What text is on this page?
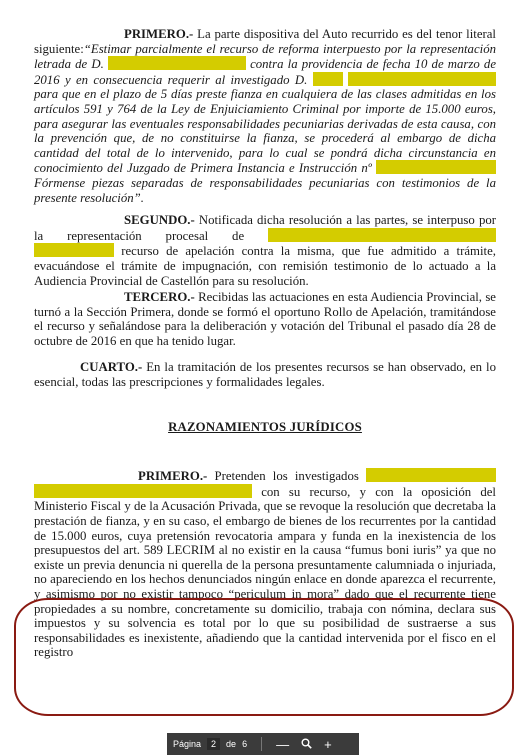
PRIMERO.- La parte dispositiva del Auto recurrido es del tenor literal siguiente:“Estimar parcialmente el recurso de reforma interpuesto por la representación letrada de D.	contra la providencia de fecha 10 de marzo de 2016 y en consecuencia requerir al investigado D.   para que en el plazo de 5 días preste fianza en cualquiera de las clases admitidas en los artículos 591 y 764 de la Ley de Enjuiciamiento Criminal por importe de 15.000 euros, para asegurar las eventuales responsabilidades pecuniarias derivadas de esta causa, con la prevención que, de no constituirse la fianza, se procederá al embargo de dicha cantidad del total de lo intervenido, para lo cual se pondrá dicha circunstancia en conocimiento del Juzgado de Primera Instancia e Instrucción nº  Fórmense piezas separadas de responsabilidades pecuniarias con testimonios de la presente resolución”.

SEGUNDO.- Notificada dicha resolución a las partes, se interpuso por la representación procesal de   recurso de apelación contra la misma, que fue admitido a trámite, evacuándose el trámite de impugnación, con remisión testimonio de lo actuado a la Audiencia Provincial de Castellón para su resolución.

TERCERO.- Recibidas las actuaciones en esta Audiencia Provincial, se turnó a la Sección Primera, donde se formó el oportuno Rollo de Apelación, tramitándose el recurso y señalándose para la deliberación y votación del Tribunal el pasado día 28 de octubre de 2016 en que ha tenido lugar.

CUARTO.- En la tramitación de los presentes recursos se han observado, en lo esencial, todas las prescripciones y formalidades legales.

RAZONAMIENTOS JURÍDICOS

PRIMERO.- Pretenden los investigados   con su recurso, y con la oposición del Ministerio Fiscal y de la Acusación Privada, que se revoque la resolución que decretaba la prestación de fianza, y en su caso, el embargo de bienes de los recurrentes por la cantidad de 15.000 euros, cuya pretensión revocatoria ampara y funda en la inexistencia de los presupuestos del art. 589 LECRIM al no existir en la causa “fumus boni iuris” ya que no existe un previa denuncia ni querella de la persona presuntamente calumniada o injuriada, no apareciendo en los hechos denunciados ningún enlace en donde aparezca el recurrente, y asimismo por no existir tampoco “periculum in mora” dado que el recurrente tiene propiedades a su nombre, concretamente su domicilio, trabaja con nómina, declara sus impuestos y su solvencia es total por lo que su posibilidad de sustraerse a sus responsabilidades es inexistente, añadiendo que la cantidad intervenida por el fisco en el registro

Página	2	de 6 —	+
